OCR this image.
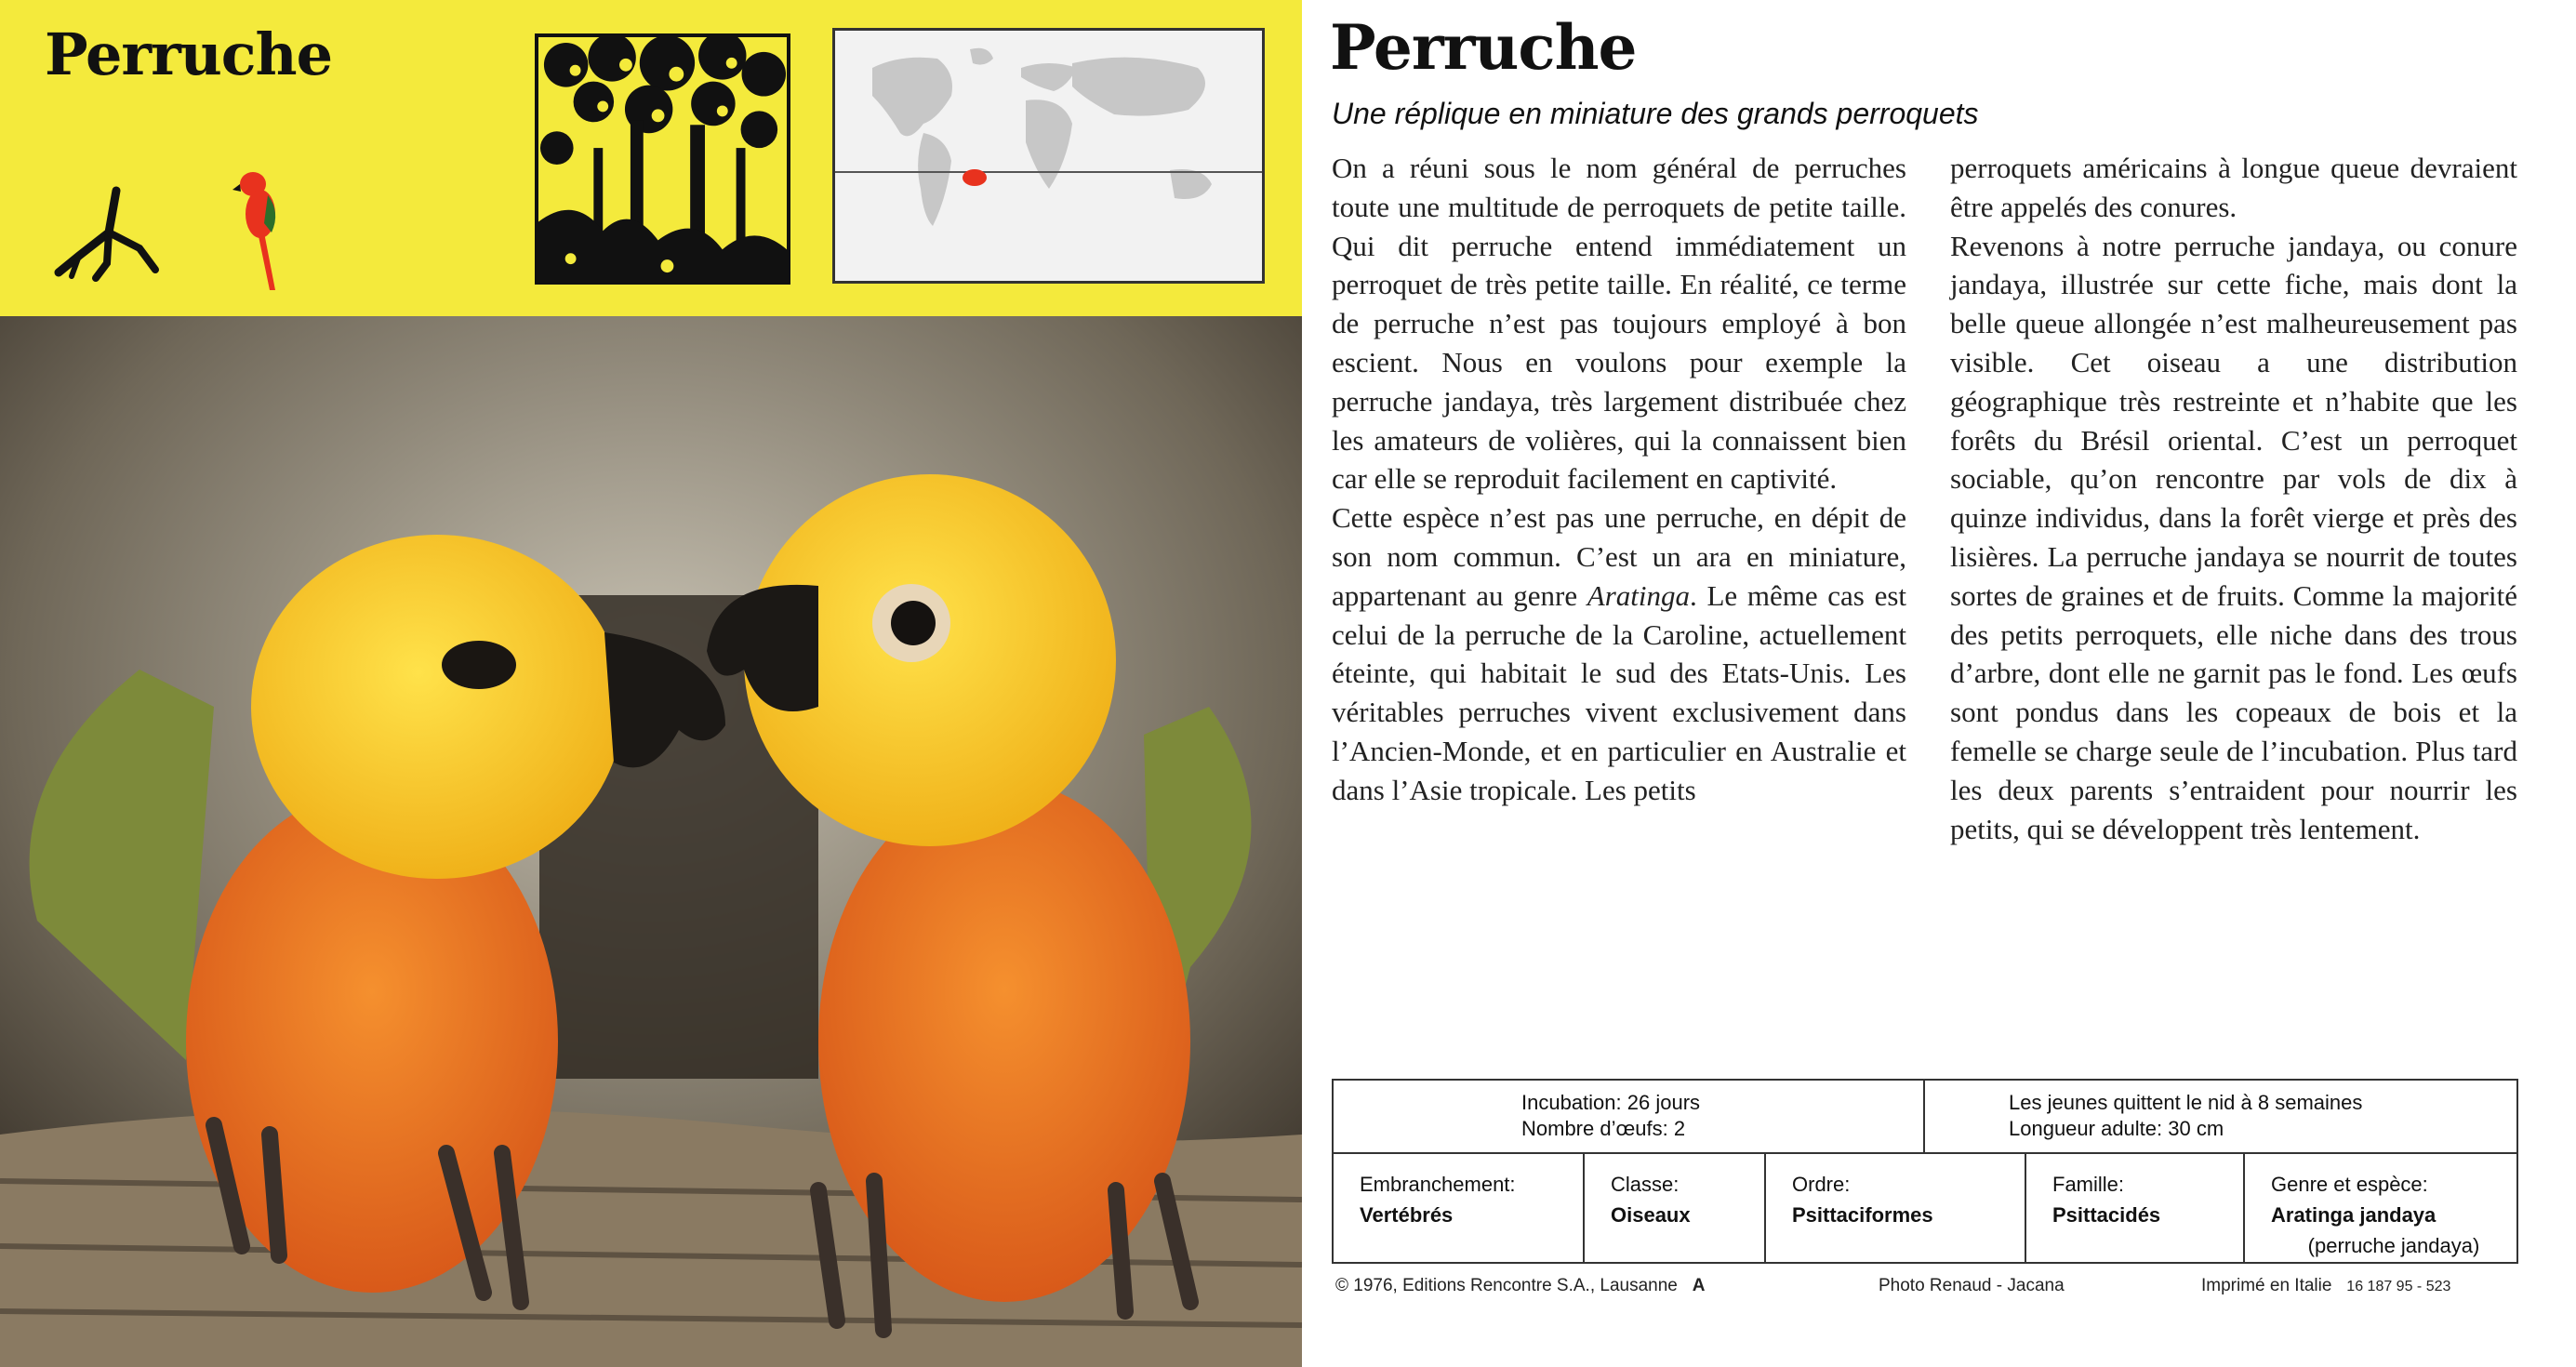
Perruche	Perruche
Une réplique en miniature des grands perroquets

On a réuni sous le nom général de perruches toute une multitude de perroquets de petite taille. Qui dit perruche entend immédiatement un perroquet de très petite taille. En réalité, ce terme de perruche n’est pas toujours employé à bon escient. Nous en voulons pour exemple la perruche jandaya, très largement distribuée chez les amateurs de volières, qui la connaissent bien car elle se reproduit facilement en captivité.

Cette espèce n’est pas une perruche, en dépit de son nom commun. C’est un ara en miniature, appartenant au genre Aratinga. Le même cas est celui de la perruche de la Caroline, actuellement éteinte, qui habitait le sud des Etats-Unis. Les véritables perruches vivent exclusivement dans l’Ancien-Monde, et en particulier en Australie et dans l’Asie tropicale. Les petits

perroquets américains à longue queue devraient être appelés des conures.

Revenons à notre perruche jandaya, ou conure jandaya, illustrée sur cette fiche, mais dont la belle queue allongée n’est malheureusement pas visible. Cet oiseau a une distribution géographique très restreinte et n’habite que les forêts du Brésil oriental. C’est un perroquet sociable, qu’on rencontre par vols de dix à quinze individus, dans la forêt vierge et près des lisières. La perruche jandaya se nourrit de toutes sortes de graines et de fruits. Comme la majorité des petits perroquets, elle niche dans des trous d’arbre, dont elle ne garnit pas le fond. Les œufs sont pondus dans les copeaux de bois et la femelle se charge seule de l’incubation. Plus tard les deux parents s’entraident pour nourrir les petits, qui se développent très lentement.

Incubation: 26 jours
Nombre d’œufs: 2
Les jeunes quittent le nid à 8 semaines
Longueur adulte: 30 cm
Embranchement:
Vertébrés
Classe:
Oiseaux
Ordre:
Psittaciformes
Famille:
Psittacidés
Genre et espèce:
Aratinga jandaya
(perruche jandaya)
© 1976, Editions Rencontre S.A., Lausanne A	Photo Renaud - Jacana	Imprimé en Italie 16 187 95 - 523
